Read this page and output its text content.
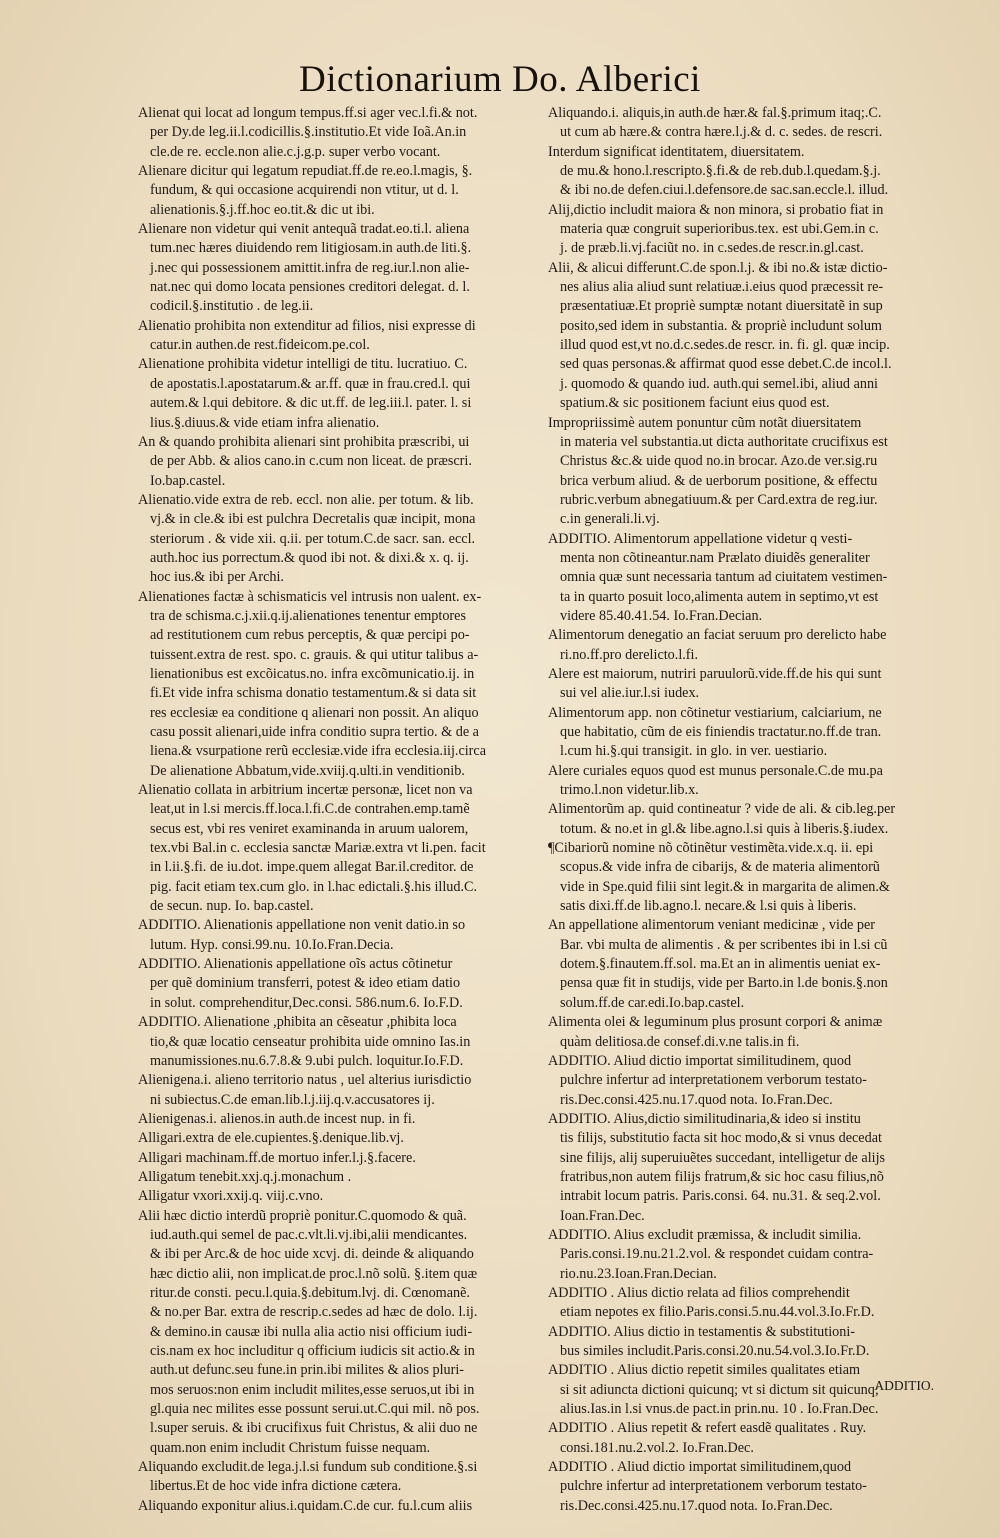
Dictionarium Do. Alberici
Alienat qui locat ad longum tempus.ff.si ager vec.l.fi.& not.
per Dy.de leg.ii.l.codicillis.§.institutio.Et vide Ioã.An.in
cle.de re. eccle.non alie.c.j.g.p. super verbo vocant.
Alienare dicitur qui legatum repudiat.ff.de re.eo.l.magis, §.
fundum, & qui occasione acquirendi non vtitur, ut d. l.
alienationis.§.j.ff.hoc eo.tit.& dic ut ibi.
Alienare non videtur qui venit antequã tradat.eo.ti.l. aliena
tum.nec hæres diuidendo rem litigiosam.in auth.de liti.§.
j.nec qui possessionem amittit.infra de reg.iur.l.non alie-
nat.nec qui domo locata pensiones creditori delegat. d. l.
codicil.§.institutio . de leg.ii.
Alienatio prohibita non extenditur ad filios, nisi expresse di
catur.in authen.de rest.fideicom.pe.col.
Alienatione prohibita videtur intelligi de titu. lucratiuo. C.
de apostatis.l.apostatarum.& ar.ff. quæ in frau.cred.l. qui
autem.& l.qui debitore. & dic ut.ff. de leg.iii.l. pater. l. si
lius.§.diuus.& vide etiam infra alienatio.
An & quando prohibita alienari sint prohibita præscribi, ui
de per Abb. & alios cano.in c.cum non liceat. de præscri.
Io.bap.castel.
Alienatio.vide extra de reb. eccl. non alie. per totum. & lib.
vj.& in cle.& ibi est pulchra Decretalis quæ incipit, mona
steriorum . & vide xii. q.ii. per totum.C.de sacr. san. eccl.
auth.hoc ius porrectum.& quod ibi not. & dixi.& x. q. ij.
hoc ius.& ibi per Archi.
Alienationes factæ à schismaticis vel intrusis non ualent. ex-
tra de schisma.c.j.xii.q.ij.alienationes tenentur emptores
ad restitutionem cum rebus perceptis, & quæ percipi po-
tuissent.extra de rest. spo. c. grauis. & qui utitur talibus a-
lienationibus est excõicatus.no. infra excõmunicatio.ij. in
fi.Et vide infra schisma donatio testamentum.& si data sit
res ecclesiæ ea conditione q alienari non possit. An aliquo
casu possit alienari,uide infra conditio supra tertio. & de a
liena.& vsurpatione rerũ ecclesiæ.vide ifra ecclesia.iij.circa
De alienatione Abbatum,vide.xviij.q.ulti.in venditionib.
Alienatio collata in arbitrium incertæ personæ, licet non va
leat,ut in l.si mercis.ff.loca.l.fi.C.de contrahen.emp.tamẽ
secus est, vbi res veniret examinanda in aruum ualorem,
tex.vbi Bal.in c. ecclesia sanctæ Mariæ.extra vt li.pen. facit
in l.ii.§.fi. de iu.dot. impe.quem allegat Bar.il.creditor. de
pig. facit etiam tex.cum glo. in l.hac edictali.§.his illud.C.
de secun. nup. Io. bap.castel.
ADDITIO. Alienationis appellatione non venit datio.in so
lutum. Hyp. consi.99.nu. 10.Io.Fran.Decia.
ADDITIO. Alienationis appellatione oĩs actus cõtinetur
per quẽ dominium transferri, potest & ideo etiam datio
in solut. comprehenditur,Dec.consi. 586.num.6. Io.F.D.
ADDITIO. Alienatione ,phibita an cẽseatur ,phibita loca
tio,& quæ locatio censeatur prohibita uide omnino Ias.in
manumissiones.nu.6.7.8.& 9.ubi pulch. loquitur.Io.F.D.
Alienigena.i. alieno territorio natus , uel alterius iurisdictio
ni subiectus.C.de eman.lib.l.j.iij.q.v.accusatores ij.
Alienigenas.i. alienos.in auth.de incest nup. in fi.
Alligari.extra de ele.cupientes.§.denique.lib.vj.
Alligari machinam.ff.de mortuo infer.l.j.§.facere.
Alligatum tenebit.xxj.q.j.monachum .
Alligatur vxori.xxij.q. viij.c.vno.
Alii hæc dictio interdũ propriè ponitur.C.quomodo & quã.
iud.auth.qui semel de pac.c.vlt.li.vj.ibi,alii mendicantes.
& ibi per Arc.& de hoc uide xcvj. di. deinde & aliquando
hæc dictio alii, non implicat.de proc.l.nõ solũ. §.item quæ
ritur.de consti. pecu.l.quia.§.debitum.lvj. di. Cœnomanẽ.
& no.per Bar. extra de rescrip.c.sedes ad hæc de dolo. l.ij.
& demino.in causæ ibi nulla alia actio nisi officium iudi-
cis.nam ex hoc includitur q officium iudicis sit actio.& in
auth.ut defunc.seu fune.in prin.ibi milites & alios pluri-
mos seruos:non enim includit milites,esse seruos,ut ibi in
gl.quia nec milites esse possunt serui.ut.C.qui mil. nõ pos.
l.super seruis. & ibi crucifixus fuit Christus, & alii duo ne
quam.non enim includit Christum fuisse nequam.
Aliquando excludit.de lega.j.l.si fundum sub conditione.§.si
libertus.Et de hoc vide infra dictione cætera.
Aliquando exponitur alius.i.quidam.C.de cur. fu.l.cum aliis
Aliquando.i. aliquis,in auth.de hær.& fal.§.primum itaq;.C.
ut cum ab hære.& contra hære.l.j.& d. c. sedes. de rescri.
Interdum significat identitatem, diuersitatem.
de mu.& hono.l.rescripto.§.fi.& de reb.dub.l.quedam.§.j.
& ibi no.de defen.ciui.l.defensore.de sac.san.eccle.l. illud.
Alij,dictio includit maiora & non minora, si probatio fiat in
materia quæ congruit superioribus.tex. est ubi.Gem.in c.
j. de præb.li.vj.faciũt no. in c.sedes.de rescr.in.gl.cast.
Alii, & alicui differunt.C.de spon.l.j. & ibi no.& istæ dictio-
nes alius alia aliud sunt relatiuæ.i.eius quod præcessit re-
præsentatiuæ.Et propriè sumptæ notant diuersitatẽ in sup
posito,sed idem in substantia. & propriè includunt solum
illud quod est,vt no.d.c.sedes.de rescr. in. fi. gl. quæ incip.
sed quas personas.& affirmat quod esse debet.C.de incol.l.
j. quomodo & quando iud. auth.qui semel.ibi, aliud anni
spatium.& sic positionem faciunt eius quod est.
Impropriissimè autem ponuntur cũm notãt diuersitatem
in materia vel substantia.ut dicta authoritate crucifixus est
Christus &c.& uide quod no.in brocar. Azo.de ver.sig.ru
brica verbum aliud. & de uerborum positione, & effectu
rubric.verbum abnegatiuum.& per Card.extra de reg.iur.
c.in generali.li.vj.
ADDITIO. Alimentorum appellatione videtur q vesti-
menta non cõtineantur.nam Prælato diuidẽs generaliter
omnia quæ sunt necessaria tantum ad ciuitatem vestimen-
ta in quarto posuit loco,alimenta autem in septimo,vt est
videre 85.40.41.54. Io.Fran.Decian.
Alimentorum denegatio an faciat seruum pro derelicto habe
ri.no.ff.pro derelicto.l.fi.
Alere est maiorum, nutriri paruulorũ.vide.ff.de his qui sunt
sui vel alie.iur.l.si iudex.
Alimentorum app. non cõtinetur vestiarium, calciarium, ne
que habitatio, cũm de eis finiendis tractatur.no.ff.de tran.
l.cum hi.§.qui transigit. in glo. in ver. uestiario.
Alere curiales equos quod est munus personale.C.de mu.pa
trimo.l.non videtur.lib.x.
Alimentorũm ap. quid contineatur ? vide de ali. & cib.leg.per
totum. & no.et in gl.& libe.agno.l.si quis à liberis.§.iudex.
¶Cibariorũ nomine nõ cõtinẽtur vestimẽta.vide.x.q. ii. epi
scopus.& vide infra de cibarijs, & de materia alimentorũ
vide in Spe.quid filii sint legit.& in margarita de alimen.&
satis dixi.ff.de lib.agno.l. necare.& l.si quis à liberis.
An appellatione alimentorum veniant medicinæ , vide per
Bar. vbi multa de alimentis . & per scribentes ibi in l.si cũ
dotem.§.finautem.ff.sol. ma.Et an in alimentis ueniat ex-
pensa quæ fit in studijs, vide per Barto.in l.de bonis.§.non
solum.ff.de car.edi.Io.bap.castel.
Alimenta olei & leguminum plus prosunt corpori & animæ
quàm delitiosa.de consef.di.v.ne talis.in fi.
ADDITIO. Aliud dictio importat similitudinem, quod
pulchre infertur ad interpretationem verborum testato-
ris.Dec.consi.425.nu.17.quod nota. Io.Fran.Dec.
ADDITIO. Alius,dictio similitudinaria,& ideo si institu
tis filijs, substitutio facta sit hoc modo,& si vnus decedat
sine filijs, alij superuiuẽtes succedant, intelligetur de alijs
fratribus,non autem filijs fratrum,& sic hoc casu filius,nõ
intrabit locum patris. Paris.consi. 64. nu.31. & seq.2.vol.
Ioan.Fran.Dec.
ADDITIO. Alius excludit præmissa, & includit similia.
Paris.consi.19.nu.21.2.vol. & respondet cuidam contra-
rio.nu.23.Ioan.Fran.Decian.
ADDITIO . Alius dictio relata ad filios comprehendit
etiam nepotes ex filio.Paris.consi.5.nu.44.vol.3.Io.Fr.D.
ADDITIO. Alius dictio in testamentis & substitutioni-
bus similes includit.Paris.consi.20.nu.54.vol.3.Io.Fr.D.
ADDITIO . Alius dictio repetit similes qualitates etiam
si sit adiuncta dictioni quicunq; vt si dictum sit quicunq;
alius.Ias.in l.si vnus.de pact.in prin.nu. 10 . Io.Fran.Dec.
ADDITIO . Alius repetit & refert easdẽ qualitates . Ruy.
consi.181.nu.2.vol.2. Io.Fran.Dec.
ADDITIO . Aliud dictio importat similitudinem,quod
pulchre infertur ad interpretationem verborum testato-
ris.Dec.consi.425.nu.17.quod nota. Io.Fran.Dec.
ADDITIO.
